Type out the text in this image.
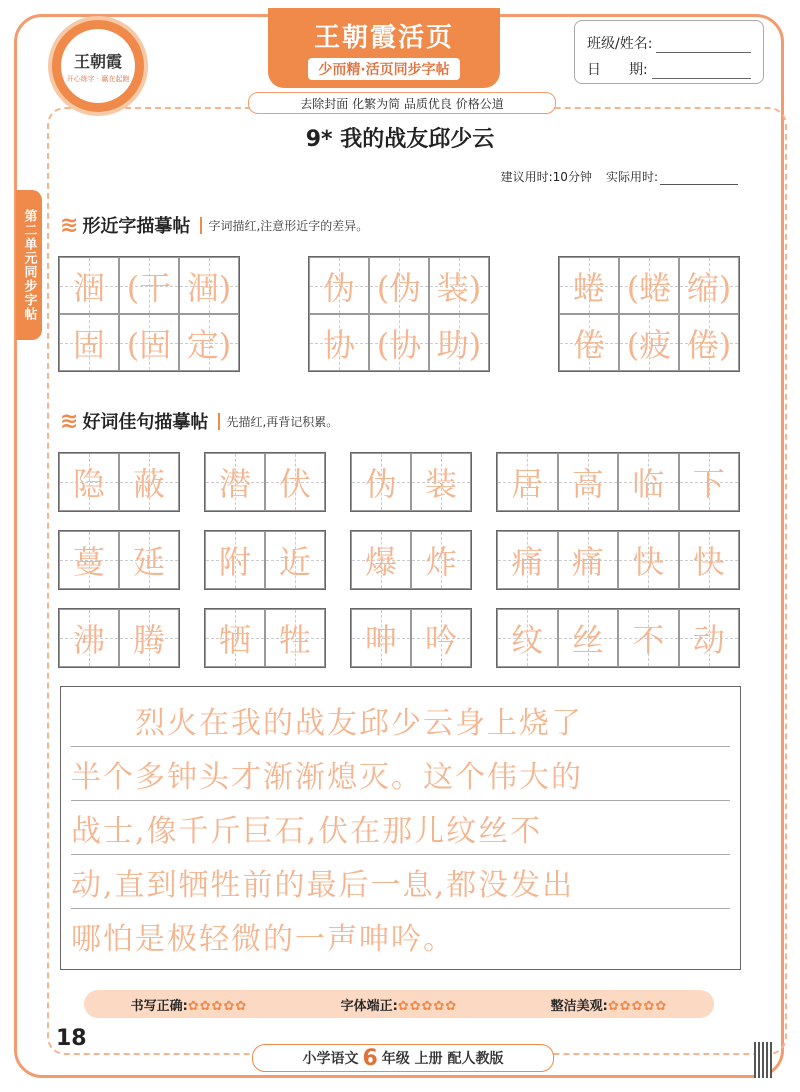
王朝霞
开心练字 · 赢在起跑
王朝霞活页
少而精·活页同步字帖
去除封面 化繁为简 品质优良 价格公道
班级/姓名:
日　　期:
第二单元同步字帖
9* 我的战友邱少云
建议用时:10分钟 实际用时:
≋ 形近字描摹帖	字词描红,注意形近字的差异。
涸 (干 涸)
固 (固 定)
伪 (伪 装)
协 (协 助)
蜷 (蜷 缩)
倦 (疲 倦)
≋ 好词佳句描摹帖	先描红,再背记积累。
隐 蔽 潜 伏 伪 装 居 高 临 下
蔓 延 附 近 爆 炸 痛 痛 快 快
沸 腾 牺 牲 呻 吟 纹 丝 不 动
　　烈火在我的战友邱少云身上烧了
半个多钟头才渐渐熄灭。这个伟大的
战士,像千斤巨石,伏在那儿纹丝不
动,直到牺牲前的最后一息,都没发出
哪怕是极轻微的一声呻吟。
书写正确:✿✿✿✿✿	字体端正:✿✿✿✿✿	整洁美观:✿✿✿✿✿
18
小学语文 6 年级 上册 配人教版
